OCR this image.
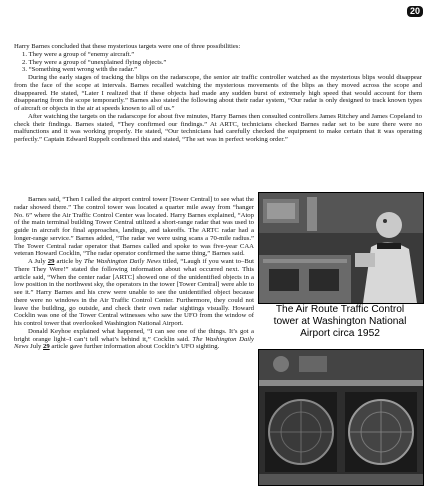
20

Harry Barnes concluded that these mysterious targets were one of three possibilities:

1. They were a group of “enemy aircraft.”

2. They were a group of “unexplained flying objects.”

3. “Something went wrong with the radar.”

During the early stages of tracking the blips on the radarscope, the senior air traffic controller watched as the mysterious blips would disappear from the face of the scope at intervals. Barnes recalled watching the mysterious movements of the blips as they moved across the scope and disappeared. He stated, “Later I realized that if these objects had made any sudden burst of extremely high speed that would account for them disappearing from the scope temporarily.” Barnes also stated the following about their radar system, “Our radar is only designed to track known types of aircraft or objects in the air at speeds known to all of us.”

After watching the targets on the radarscope for about five minutes, Harry Barnes then consulted controllers James Ritchey and James Copeland to check their findings. Barnes stated, “They confirmed our findings.” At ARTC, technicians checked Barnes radar set to be sure there were no malfunctions and it was working properly. He stated, “Our technicians had carefully checked the equipment to make certain that it was operating perfectly.” Captain Edward Ruppelt confirmed this and stated, “The set was in perfect working order.”

Barnes said, “Then I called the airport control tower [Tower Central] to see what the radar showed there.” The control tower was located a quarter mile away from “hanger No. 6” where the Air Traffic Control Center was located. Harry Barnes explained, “Atop of the main terminal building Tower Central utilized a short-range radar that was used to guide in aircraft for final approaches, landings, and takeoffs. The ARTC radar had a longer-range service.” Barnes added, “The radar we were using scans a 70-mile radius.” The Tower Central radar operator that Barnes called and spoke to was five-year CAA veteran Howard Cocklin, “The radar operator confirmed the same thing,” Barnes said.

A July 29 article by The Washington Daily News titled, “Laugh if you want to–But There They Were!” stated the following information about what occurred next. This article said, “When the center radar [ARTC] showed one of the unidentified objects in a low position in the northwest sky, the operators in the tower [Tower Central] were able to see it.” Harry Barnes and his crew were unable to see the unidentified object because there were no windows in the Air Traffic Control Center. Furthermore, they could not leave the building, go outside, and check their own radar sightings visually. Howard Cocklin was one of the Tower Central witnesses who saw the UFO from the window of his control tower that overlooked Washington National Airport.

Donald Keyhoe explained what happened, “I can see one of the things. It’s got a bright orange light–I can’t tell what’s behind it,” Cocklin said. The Washington Daily News July 29 article gave further information about Cocklin’s UFO sighting.

The Air Route Traffic Control
tower at Washington National
Airport circa 1952
